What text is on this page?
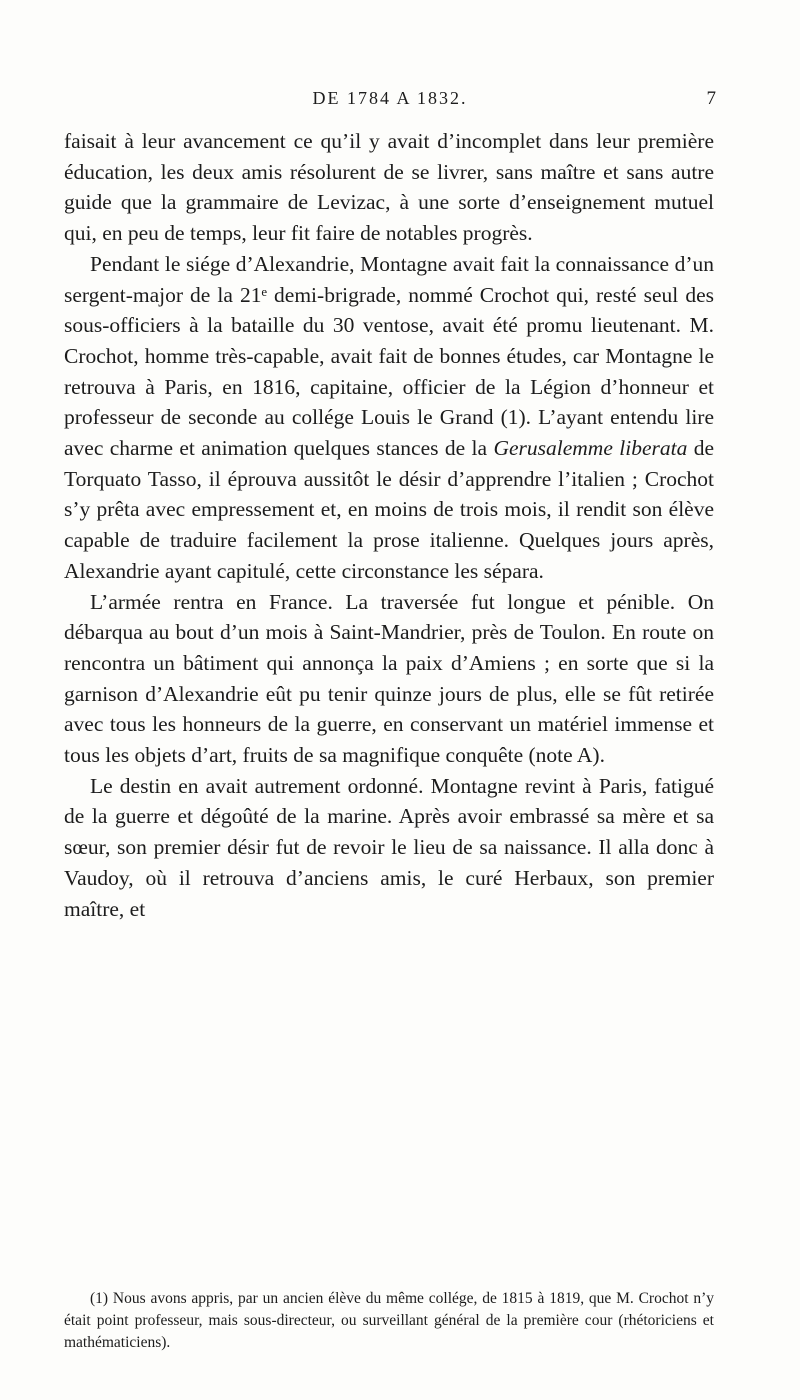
DE 1784 A 1832.	7

faisait à leur avancement ce qu’il y avait d’incomplet dans leur première éducation, les deux amis résolurent de se livrer, sans maître et sans autre guide que la grammaire de Levizac, à une sorte d’enseignement mutuel qui, en peu de temps, leur fit faire de notables progrès.

Pendant le siége d’Alexandrie, Montagne avait fait la connaissance d’un sergent-major de la 21ᵉ demi-brigrade, nommé Crochot qui, resté seul des sous-officiers à la bataille du 30 ventose, avait été promu lieutenant. M. Crochot, homme très-capable, avait fait de bonnes études, car Montagne le retrouva à Paris, en 1816, capitaine, officier de la Légion d’honneur et professeur de seconde au collége Louis le Grand (1). L’ayant entendu lire avec charme et animation quelques stances de la Gerusalemme liberata de Torquato Tasso, il éprouva aussitôt le désir d’apprendre l’italien ; Crochot s’y prêta avec empressement et, en moins de trois mois, il rendit son élève capable de traduire facilement la prose italienne. Quelques jours après, Alexandrie ayant capitulé, cette circonstance les sépara.

L’armée rentra en France. La traversée fut longue et pénible. On débarqua au bout d’un mois à Saint-Mandrier, près de Toulon. En route on rencontra un bâtiment qui annonça la paix d’Amiens ; en sorte que si la garnison d’Alexandrie eût pu tenir quinze jours de plus, elle se fût retirée avec tous les honneurs de la guerre, en conservant un matériel immense et tous les objets d’art, fruits de sa magnifique conquête (note A).

Le destin en avait autrement ordonné. Montagne revint à Paris, fatigué de la guerre et dégoûté de la marine. Après avoir embrassé sa mère et sa sœur, son premier désir fut de revoir le lieu de sa naissance. Il alla donc à Vaudoy, où il retrouva d’anciens amis, le curé Herbaux, son premier maître, et

(1) Nous avons appris, par un ancien élève du même collége, de 1815 à 1819, que M. Crochot n’y était point professeur, mais sous-directeur, ou surveillant général de la première cour (rhétoriciens et mathématiciens).
